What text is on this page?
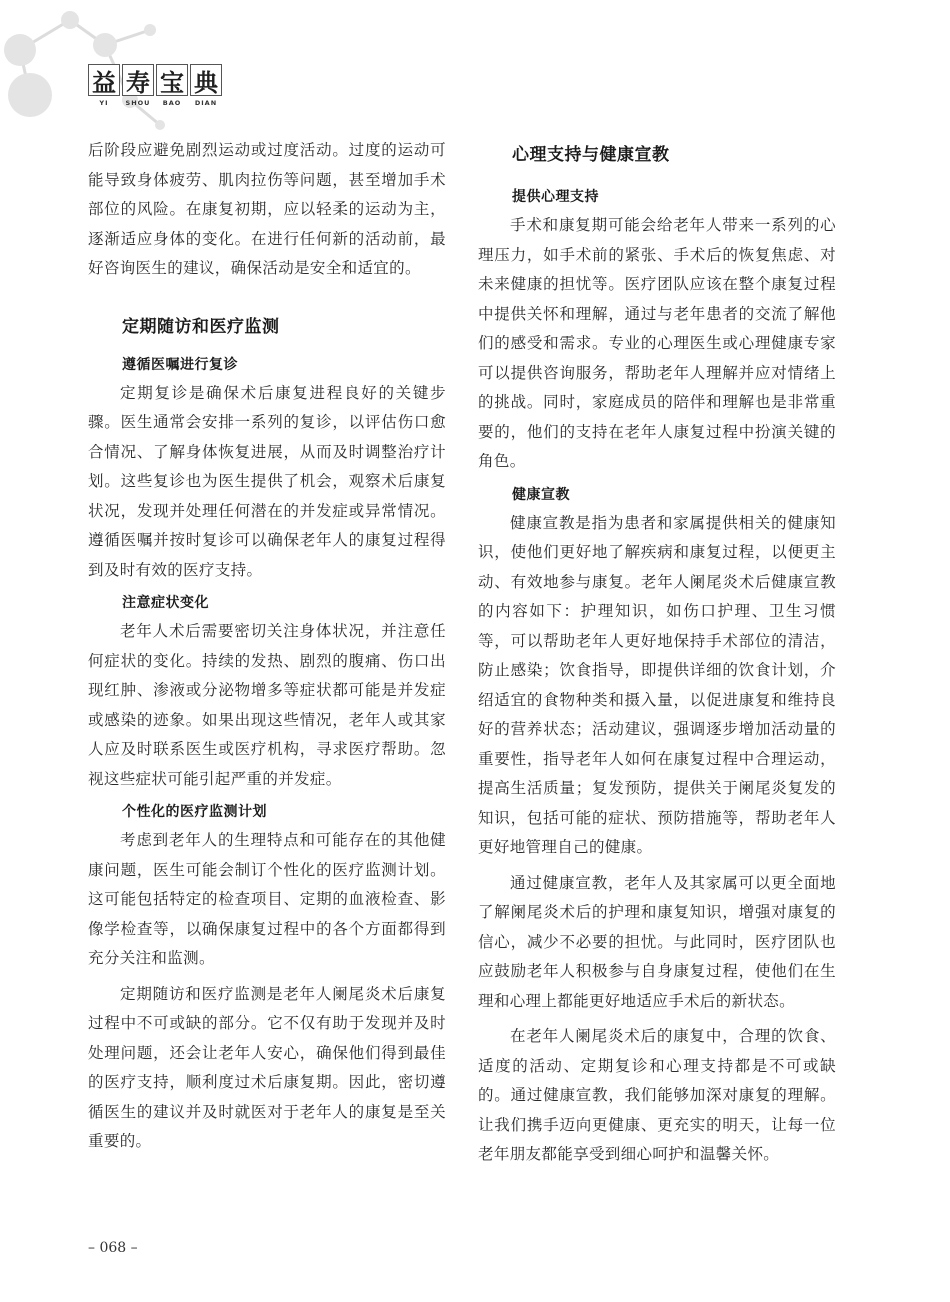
益 寿 宝 典
YI	SHOU	BAO	DIAN

后阶段应避免剧烈运动或过度活动。过度的运动可能导致身体疲劳、肌肉拉伤等问题，甚至增加手术部位的风险。在康复初期，应以轻柔的运动为主，逐渐适应身体的变化。在进行任何新的活动前，最好咨询医生的建议，确保活动是安全和适宜的。

定期随访和医疗监测
遵循医嘱进行复诊

定期复诊是确保术后康复进程良好的关键步骤。医生通常会安排一系列的复诊，以评估伤口愈合情况、了解身体恢复进展，从而及时调整治疗计划。这些复诊也为医生提供了机会，观察术后康复状况，发现并处理任何潜在的并发症或异常情况。遵循医嘱并按时复诊可以确保老年人的康复过程得到及时有效的医疗支持。

注意症状变化

老年人术后需要密切关注身体状况，并注意任何症状的变化。持续的发热、剧烈的腹痛、伤口出现红肿、渗液或分泌物增多等症状都可能是并发症或感染的迹象。如果出现这些情况，老年人或其家人应及时联系医生或医疗机构，寻求医疗帮助。忽视这些症状可能引起严重的并发症。

个性化的医疗监测计划

考虑到老年人的生理特点和可能存在的其他健康问题，医生可能会制订个性化的医疗监测计划。这可能包括特定的检查项目、定期的血液检查、影像学检查等，以确保康复过程中的各个方面都得到充分关注和监测。

定期随访和医疗监测是老年人阑尾炎术后康复过程中不可或缺的部分。它不仅有助于发现并及时处理问题，还会让老年人安心，确保他们得到最佳的医疗支持，顺利度过术后康复期。因此，密切遵循医生的建议并及时就医对于老年人的康复是至关重要的。

心理支持与健康宣教
提供心理支持

手术和康复期可能会给老年人带来一系列的心理压力，如手术前的紧张、手术后的恢复焦虑、对未来健康的担忧等。医疗团队应该在整个康复过程中提供关怀和理解，通过与老年患者的交流了解他们的感受和需求。专业的心理医生或心理健康专家可以提供咨询服务，帮助老年人理解并应对情绪上的挑战。同时，家庭成员的陪伴和理解也是非常重要的，他们的支持在老年人康复过程中扮演关键的角色。

健康宣教

健康宣教是指为患者和家属提供相关的健康知识，使他们更好地了解疾病和康复过程，以便更主动、有效地参与康复。老年人阑尾炎术后健康宣教的内容如下：护理知识，如伤口护理、卫生习惯等，可以帮助老年人更好地保持手术部位的清洁，防止感染；饮食指导，即提供详细的饮食计划，介绍适宜的食物种类和摄入量，以促进康复和维持良好的营养状态；活动建议，强调逐步增加活动量的重要性，指导老年人如何在康复过程中合理运动，提高生活质量；复发预防，提供关于阑尾炎复发的知识，包括可能的症状、预防措施等，帮助老年人更好地管理自己的健康。

通过健康宣教，老年人及其家属可以更全面地了解阑尾炎术后的护理和康复知识，增强对康复的信心，减少不必要的担忧。与此同时，医疗团队也应鼓励老年人积极参与自身康复过程，使他们在生理和心理上都能更好地适应手术后的新状态。

在老年人阑尾炎术后的康复中，合理的饮食、适度的活动、定期复诊和心理支持都是不可或缺的。通过健康宣教，我们能够加深对康复的理解。让我们携手迈向更健康、更充实的明天，让每一位老年朋友都能享受到细心呵护和温馨关怀。

– 068 –
